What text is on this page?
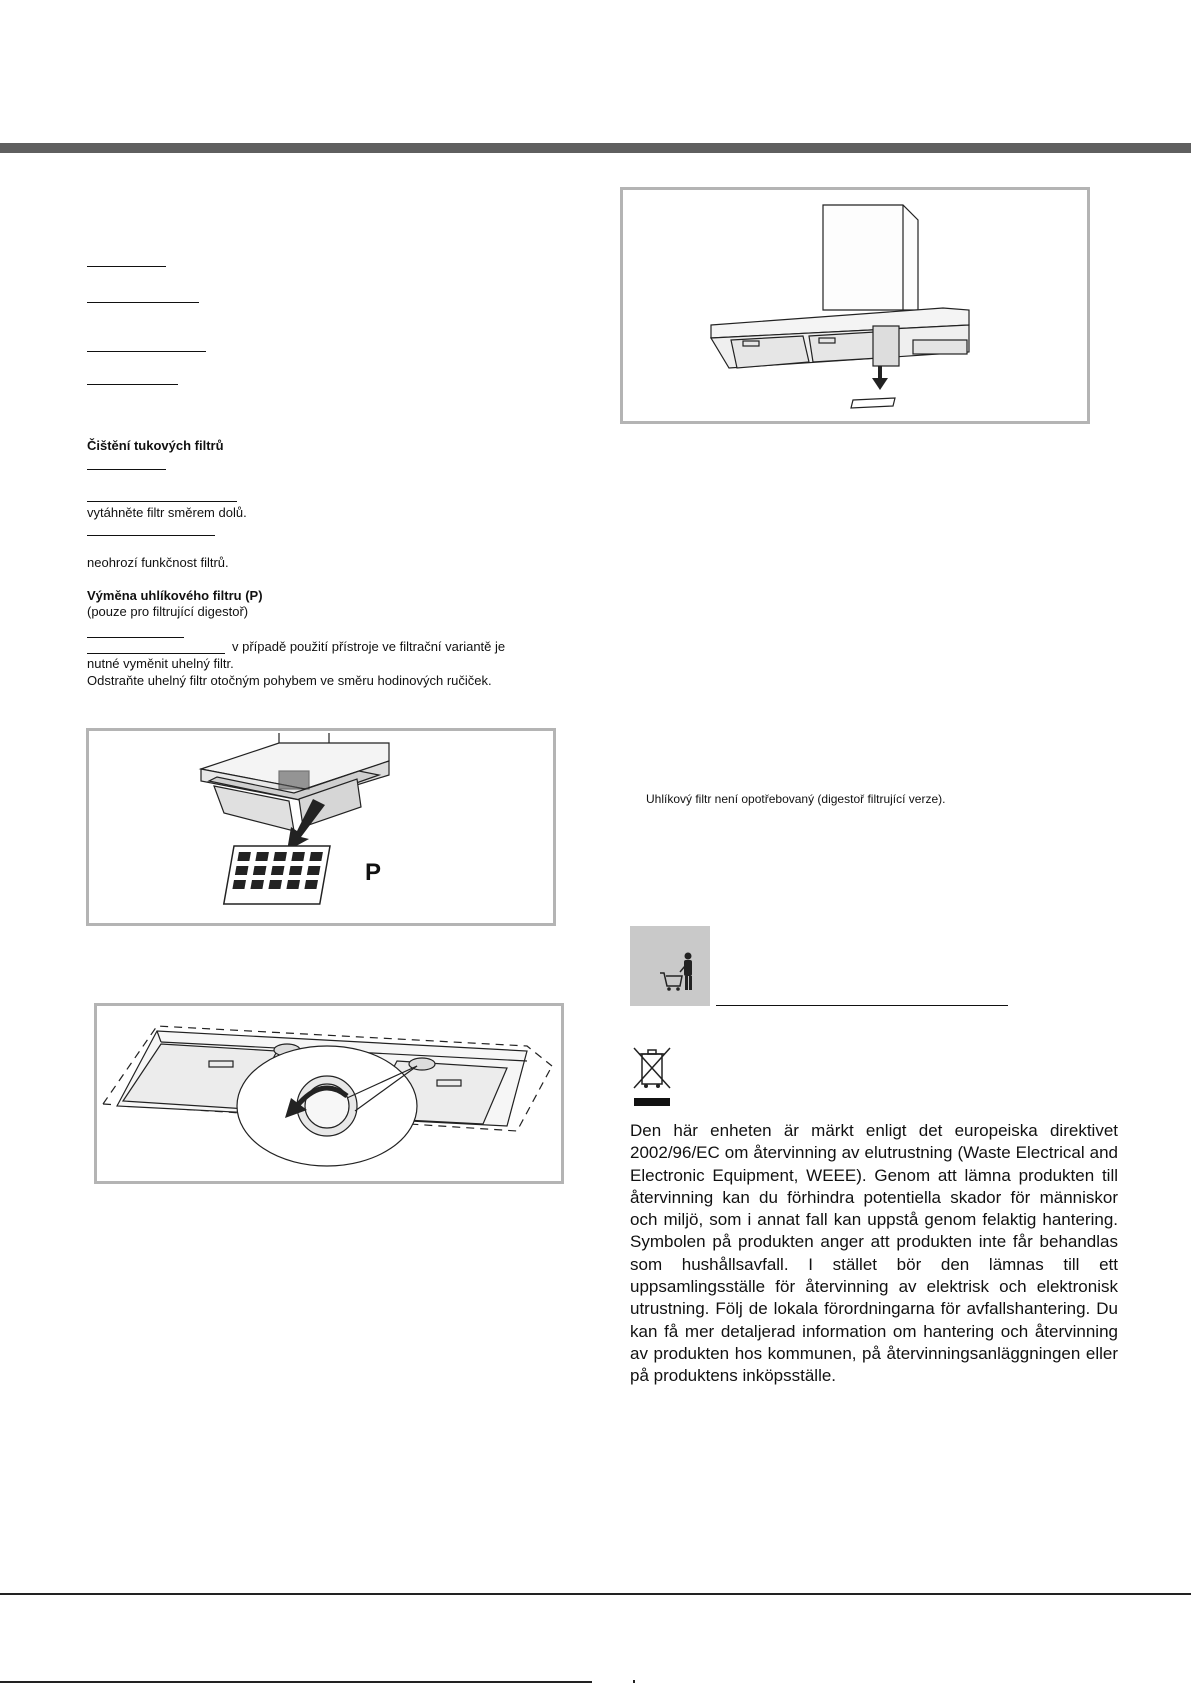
Čištění tukových filtrů
vytáhněte filtr směrem dolů.
neohrozí funkčnost filtrů.
Výměna uhlíkového filtru (P)
(pouze pro filtrující digestoř)
v případě použití přístroje ve filtrační variantě je
nutné vyměnit uhelný filtr.
Odstraňte uhelný filtr otočným pohybem ve směru hodinových ručiček.
P
Uhlíkový filtr není opotřebovaný (digestoř filtrující verze).
Den här enheten är märkt enligt det europeiska direktivet 2002/96/EC om återvinning av elutrustning (Waste Electrical and Electronic Equipment, WEEE). Genom att lämna produkten till återvinning kan du förhindra potentiella skador för människor och miljö, som i annat fall kan uppstå genom felaktig hantering. Symbolen på produkten anger att produkten inte får behandlas som hushållsavfall. I stället bör den lämnas till ett uppsamlingsställe för återvinning av elektrisk och elektronisk utrustning. Följ de lokala förordningarna för avfallshantering. Du kan få mer detaljerad information om hantering och återvinning av produkten hos kommunen, på återvinningsanläggningen eller på produktens inköpsställe.
